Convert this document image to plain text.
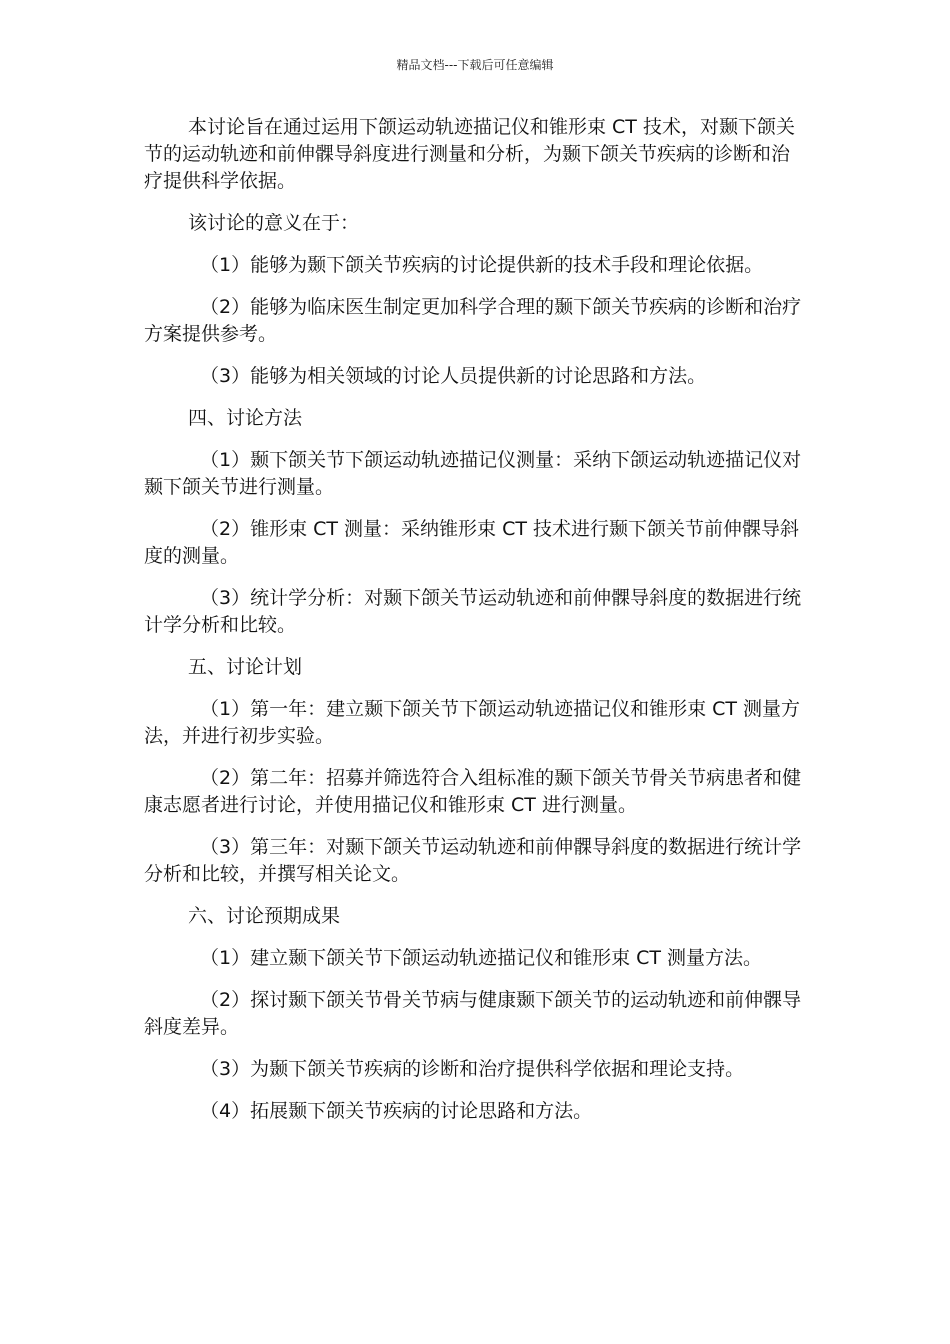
精品文档---下载后可任意编辑

本讨论旨在通过运用下颌运动轨迹描记仪和锥形束 CT 技术，对颞下颌关节的运动轨迹和前伸髁导斜度进行测量和分析，为颞下颌关节疾病的诊断和治疗提供科学依据。

该讨论的意义在于：

（1）能够为颞下颌关节疾病的讨论提供新的技术手段和理论依据。

（2）能够为临床医生制定更加科学合理的颞下颌关节疾病的诊断和治疗方案提供参考。

（3）能够为相关领域的讨论人员提供新的讨论思路和方法。

四、讨论方法

（1）颞下颌关节下颌运动轨迹描记仪测量：采纳下颌运动轨迹描记仪对颞下颌关节进行测量。

（2）锥形束 CT 测量：采纳锥形束 CT 技术进行颞下颌关节前伸髁导斜度的测量。

（3）统计学分析：对颞下颌关节运动轨迹和前伸髁导斜度的数据进行统计学分析和比较。

五、讨论计划

（1）第一年：建立颞下颌关节下颌运动轨迹描记仪和锥形束 CT 测量方法，并进行初步实验。

（2）第二年：招募并筛选符合入组标准的颞下颌关节骨关节病患者和健康志愿者进行讨论，并使用描记仪和锥形束 CT 进行测量。

（3）第三年：对颞下颌关节运动轨迹和前伸髁导斜度的数据进行统计学分析和比较，并撰写相关论文。

六、讨论预期成果

（1）建立颞下颌关节下颌运动轨迹描记仪和锥形束 CT 测量方法。

（2）探讨颞下颌关节骨关节病与健康颞下颌关节的运动轨迹和前伸髁导斜度差异。

（3）为颞下颌关节疾病的诊断和治疗提供科学依据和理论支持。

（4）拓展颞下颌关节疾病的讨论思路和方法。
